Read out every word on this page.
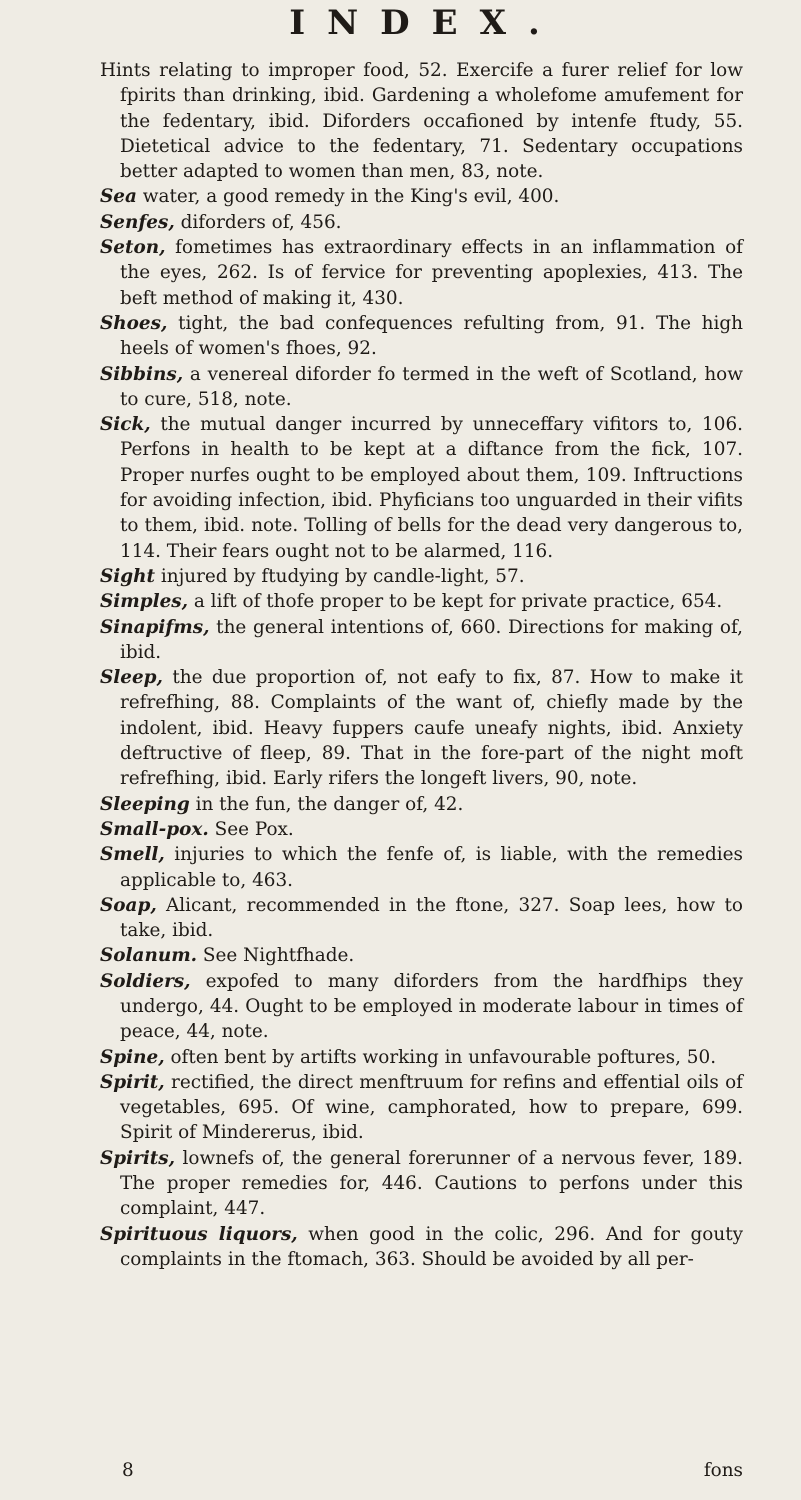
INDEX.

Hints relating to improper food, 52. Exercife a furer relief for low fpirits than drinking, ibid. Gardening a wholefome amufement for the fedentary, ibid. Diforders occafioned by intenfe ftudy, 55. Dietetical advice to the fedentary, 71. Sedentary occupations better adapted to women than men, 83, note.

Sea water, a good remedy in the King's evil, 400.

Senfes, diforders of, 456.

Seton, fometimes has extraordinary effects in an inflammation of the eyes, 262. Is of fervice for preventing apoplexies, 413. The beft method of making it, 430.

Shoes, tight, the bad confequences refulting from, 91. The high heels of women's fhoes, 92.

Sibbins, a venereal diforder fo termed in the weft of Scotland, how to cure, 518, note.

Sick, the mutual danger incurred by unneceffary vifitors to, 106. Perfons in health to be kept at a diftance from the fick, 107. Proper nurfes ought to be employed about them, 109. Inftructions for avoiding infection, ibid. Phyficians too unguarded in their vifits to them, ibid. note. Tolling of bells for the dead very dangerous to, 114. Their fears ought not to be alarmed, 116.

Sight injured by ftudying by candle-light, 57.

Simples, a lift of thofe proper to be kept for private practice, 654.

Sinapifms, the general intentions of, 660. Directions for making of, ibid.

Sleep, the due proportion of, not eafy to fix, 87. How to make it refrefhing, 88. Complaints of the want of, chiefly made by the indolent, ibid. Heavy fuppers caufe uneafy nights, ibid. Anxiety deftructive of fleep, 89. That in the fore-part of the night moft refrefhing, ibid. Early rifers the longeft livers, 90, note.

Sleeping in the fun, the danger of, 42.

Small-pox. See Pox.

Smell, injuries to which the fenfe of, is liable, with the remedies applicable to, 463.

Soap, Alicant, recommended in the ftone, 327. Soap lees, how to take, ibid.

Solanum. See Nightfhade.

Soldiers, expofed to many diforders from the hardfhips they undergo, 44. Ought to be employed in moderate labour in times of peace, 44, note.

Spine, often bent by artifts working in unfavourable poftures, 50.

Spirit, rectified, the direct menftruum for refins and effential oils of vegetables, 695. Of wine, camphorated, how to prepare, 699. Spirit of Mindererus, ibid.

Spirits, lownefs of, the general forerunner of a nervous fever, 189. The proper remedies for, 446. Cautions to perfons under this complaint, 447.

Spirituous liquors, when good in the colic, 296. And for gouty complaints in the ftomach, 363. Should be avoided by all per-

8	fons
